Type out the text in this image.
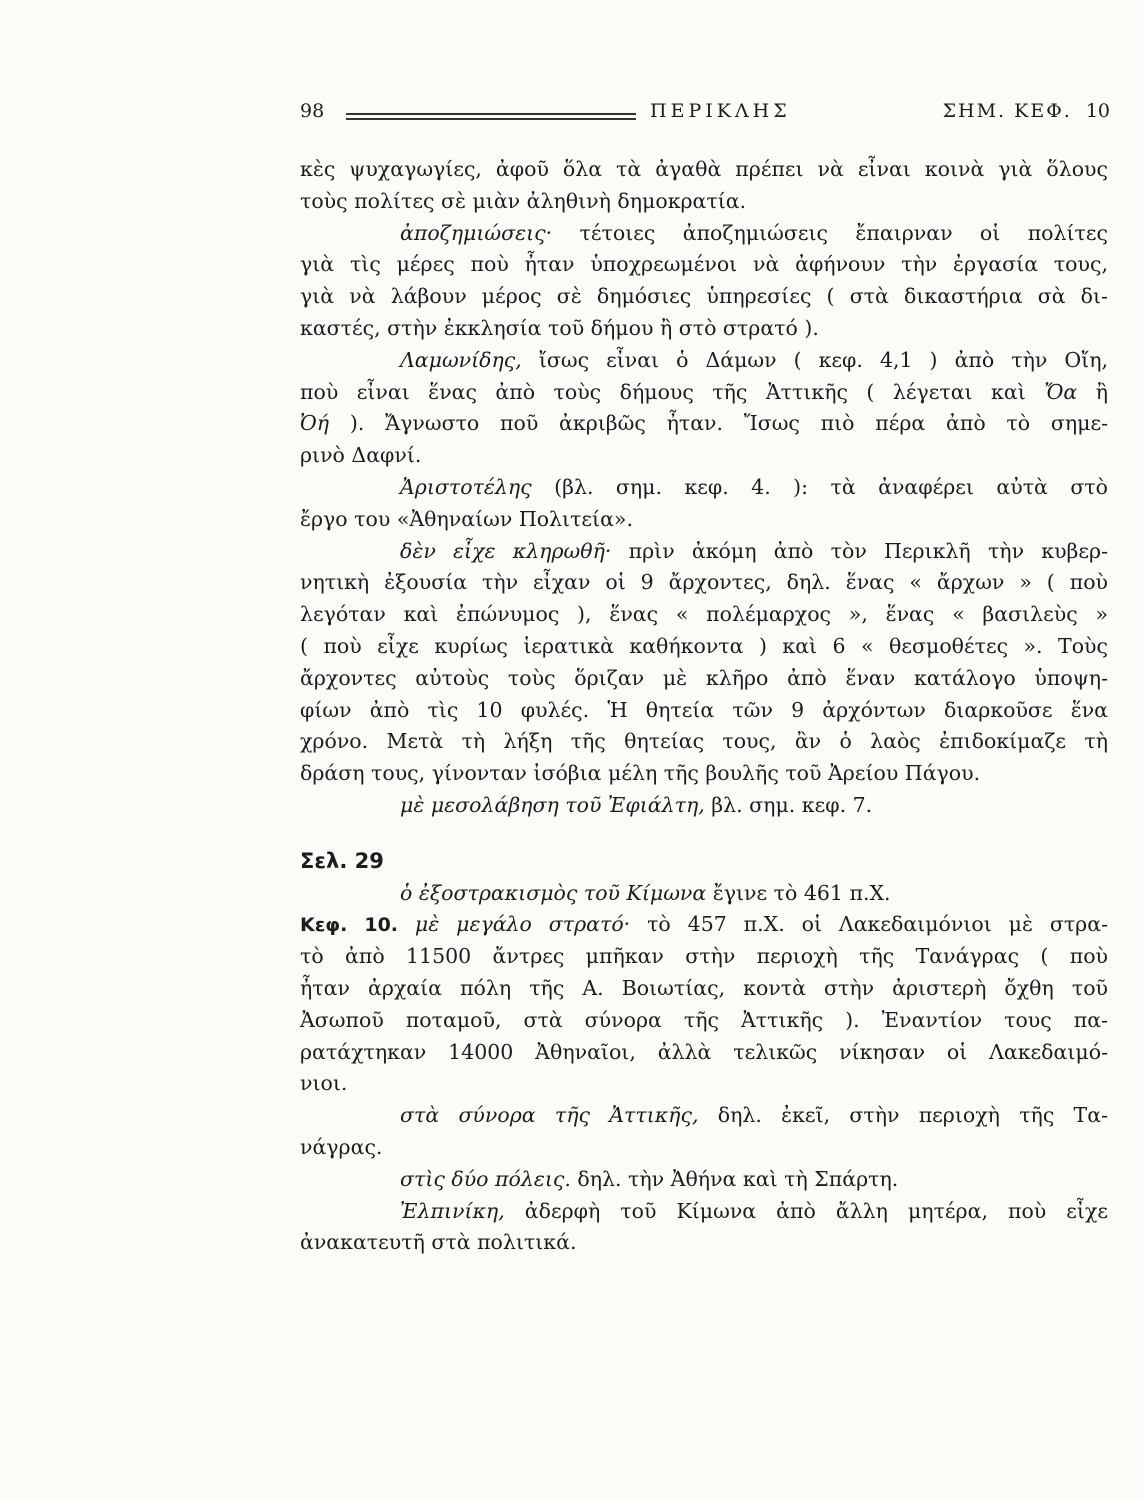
98	ΠΕΡΙΚΛΗΣ	ΣΗΜ. ΚΕΦ. 10
κὲς ψυχαγωγίες, ἀφοῦ ὅλα τὰ ἀγαθὰ πρέπει νὰ εἶναι κοινὰ γιὰ ὅλους
τοὺς πολίτες σὲ μιὰν ἀληθινὴ δημοκρατία.
ἀποζημιώσεις· τέτοιες ἀποζημιώσεις ἔπαιρναν οἱ πολίτες
γιὰ τὶς μέρες ποὺ ἦταν ὑποχρεωμένοι νὰ ἀφήνουν τὴν ἐργασία τους,
γιὰ νὰ λάβουν μέρος σὲ δημόσιες ὑπηρεσίες ( στὰ δικαστήρια σὰ δι-
καστές, στὴν ἐκκλησία τοῦ δήμου ἢ στὸ στρατό ).
Λαμωνίδης, ἴσως εἶναι ὁ Δάμων ( κεφ. 4,1 ) ἀπὸ τὴν Οἴη,
ποὺ εἶναι ἕνας ἀπὸ τοὺς δήμους τῆς Ἀττικῆς ( λέγεται καὶ Ὄα ἢ
Ὀή ). Ἄγνωστο ποῦ ἀκριβῶς ἦταν. Ἴσως πιὸ πέρα ἀπὸ τὸ σημε-
ρινὸ Δαφνί.
Ἀριστοτέλης (βλ. σημ. κεφ. 4. ): τὰ ἀναφέρει αὐτὰ στὸ
ἔργο του «Ἀθηναίων Πολιτεία».
δὲν εἶχε κληρωθῆ· πρὶν ἀκόμη ἀπὸ τὸν Περικλῆ τὴν κυβερ-
νητικὴ ἐξουσία τὴν εἶχαν οἱ 9 ἄρχοντες, δηλ. ἕνας « ἄρχων » ( ποὺ
λεγόταν καὶ ἐπώνυμος ), ἕνας « πολέμαρχος », ἕνας « βασιλεὺς »
( ποὺ εἶχε κυρίως ἱερατικὰ καθήκοντα ) καὶ 6 « θεσμοθέτες ». Τοὺς
ἄρχοντες αὐτοὺς τοὺς ὅριζαν μὲ κλῆρο ἀπὸ ἕναν κατάλογο ὑποψη-
φίων ἀπὸ τὶς 10 φυλές. Ἡ θητεία τῶν 9 ἀρχόντων διαρκοῦσε ἕνα
χρόνο. Μετὰ τὴ λήξη τῆς θητείας τους, ἂν ὁ λαὸς ἐπιδοκίμαζε τὴ
δράση τους, γίνονταν ἰσόβια μέλη τῆς βουλῆς τοῦ Ἀρείου Πάγου.
μὲ μεσολάβηση τοῦ Ἐφιάλτη, βλ. σημ. κεφ. 7.
Σελ. 29
ὁ ἐξοστρακισμὸς τοῦ Κίμωνα ἔγινε τὸ 461 π.Χ.
Κεφ. 10. μὲ μεγάλο στρατό· τὸ 457 π.Χ. οἱ Λακεδαιμόνιοι μὲ στρα-
τὸ ἀπὸ 11500 ἄντρες μπῆκαν στὴν περιοχὴ τῆς Τανάγρας ( ποὺ
ἦταν ἀρχαία πόλη τῆς Α. Βοιωτίας, κοντὰ στὴν ἀριστερὴ ὄχθη τοῦ
Ἀσωποῦ ποταμοῦ, στὰ σύνορα τῆς Ἀττικῆς ). Ἐναντίον τους πα-
ρατάχτηκαν 14000 Ἀθηναῖοι, ἀλλὰ τελικῶς νίκησαν οἱ Λακεδαιμό-
νιοι.
στὰ σύνορα τῆς Ἀττικῆς, δηλ. ἐκεῖ, στὴν περιοχὴ τῆς Τα-
νάγρας.
στὶς δύο πόλεις. δηλ. τὴν Ἀθήνα καὶ τὴ Σπάρτη.
Ἐλπινίκη, ἀδερφὴ τοῦ Κίμωνα ἀπὸ ἄλλη μητέρα, ποὺ εἶχε
ἀνακατευτῆ στὰ πολιτικά.
